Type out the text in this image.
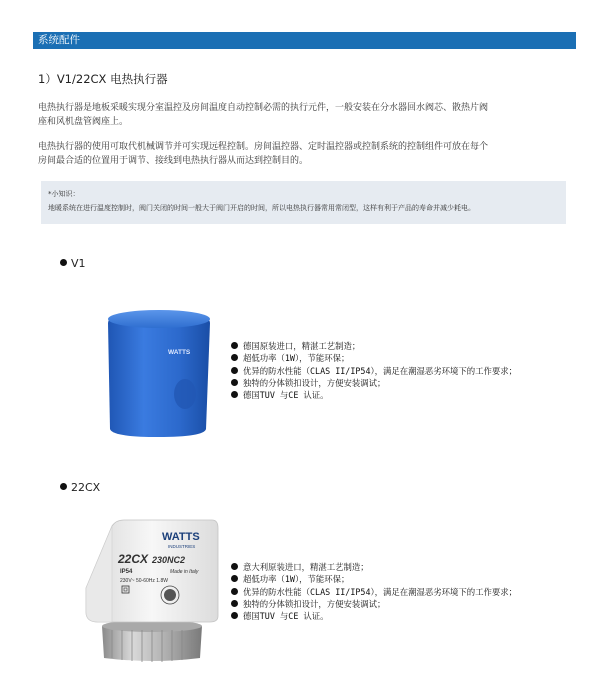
系统配件
1）V1/22CX 电热执行器
电热执行器是地板采暖实现分室温控及房间温度自动控制必需的执行元件，一般安装在分水器回水阀芯、散热片阀
座和风机盘管阀座上。
电热执行器的使用可取代机械调节并可实现远程控制。房间温控器、定时温控器或控制系统的控制组件可放在每个
房间最合适的位置用于调节、接线到电热执行器从而达到控制目的。
*小知识：
地暖系统在进行温度控制时，阀门关闭的时间一般大于阀门开启的时间，所以电热执行器常用常闭型，这样有利于产品的寿命并减少耗电。
V1
WATTS
德国原装进口，精湛工艺制造；
超低功率（1W），节能环保；
优异的防水性能（CLAS II/IP54），满足在潮湿恶劣环境下的工作要求；
独特的分体锁扣设计，方便安装调试；
德国TUV 与CE 认证。
22CX
WATTS
INDUSTRIES
22CX 230NC2
IP54	Made in Italy
230V~ 50-60Hz 1.8W
意大利原装进口，精湛工艺制造；
超低功率（1W），节能环保；
优异的防水性能（CLAS II/IP54），满足在潮湿恶劣环境下的工作要求；
独特的分体锁扣设计，方便安装调试；
德国TUV 与CE 认证。
